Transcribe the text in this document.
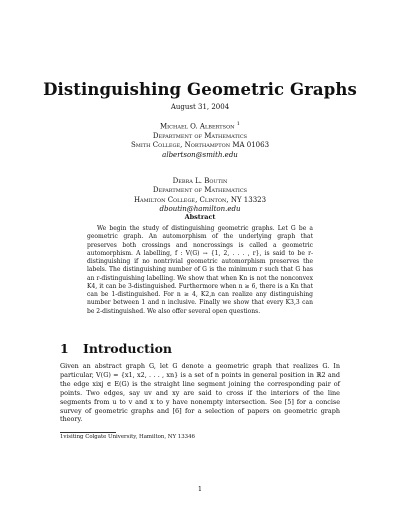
Distinguishing Geometric Graphs
August 31, 2004
Michael O. Albertson $^1$
Department of Mathematics
Smith College, Northampton MA 01063
albertson@smith.edu
Debra L. Boutin
Department of Mathematics
Hamilton College, Clinton, NY 13323
dboutin@hamilton.edu
Abstract

We begin the study of distinguishing geometric graphs. Let G be a geometric graph. An automorphism of the underlying graph that preserves both crossings and noncrossings is called a geometric automorphism. A labelling, f : V(G) → {1, 2, . . . , r}, is said to be r-distinguishing if no nontrivial geometric automorphism preserves the labels. The distinguishing number of G is the minimum r such that G has an r-distinguishing labelling. We show that when Kn is not the nonconvex K4, it can be 3-distinguished. Furthermore when n ≥ 6, there is a Kn that can be 1-distinguished. For n ≥ 4, K2,n can realize any distinguishing number between 1 and n inclusive. Finally we show that every K3,3 can be 2-distinguished. We also offer several open questions.

1 Introduction

Given an abstract graph G, let G denote a geometric graph that realizes G. In particular, V(G) = {x1, x2, . . . , xn} is a set of n points in general position in ℝ2 and the edge xixj ∈ E(G) is the straight line segment joining the corresponding pair of points. Two edges, say uv and xy are said to cross if the interiors of the line segments from u to v and x to y have nonempty intersection. See [5] for a concise survey of geometric graphs and [6] for a selection of papers on geometric graph theory.

1visiting Colgate University, Hamilton, NY 13346
1
